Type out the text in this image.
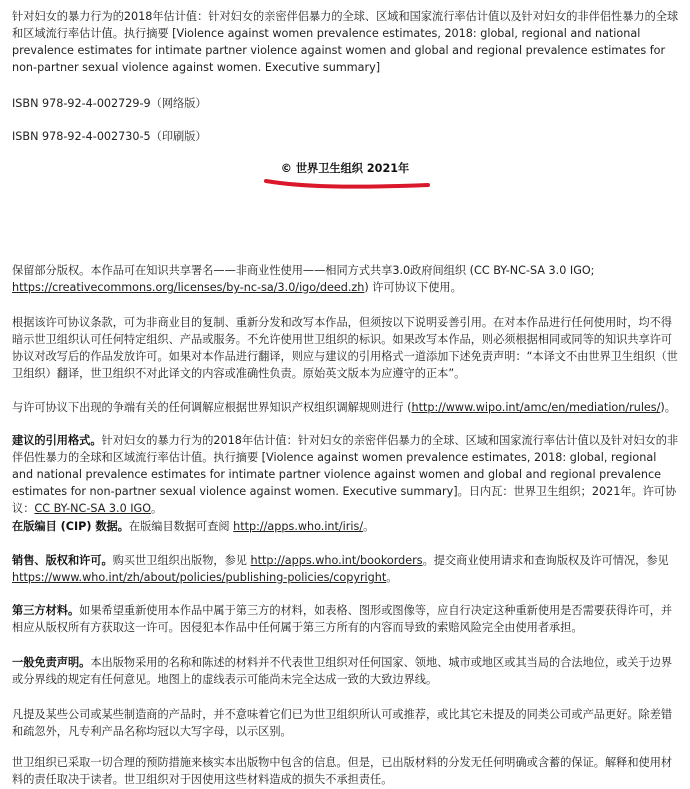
针对妇女的暴力行为的2018年估计值：针对妇女的亲密伴侣暴力的全球、区域和国家流行率估计值以及针对妇女的非伴侣性暴力的全球和区域流行率估计值。执行摘要 [Violence against women prevalence estimates, 2018: global, regional and national prevalence estimates for intimate partner violence against women and global and regional prevalence estimates for non-partner sexual violence against women. Executive summary]

ISBN 978-92-4-002729-9（网络版）

ISBN 978-92-4-002730-5（印刷版）

© 世界卫生组织 2021年

保留部分版权。本作品可在知识共享署名——非商业性使用——相同方式共享3.0政府间组织 (CC BY-NC-SA 3.0 IGO; https://creativecommons.org/licenses/by-nc-sa/3.0/igo/deed.zh) 许可协议下使用。

根据该许可协议条款，可为非商业目的复制、重新分发和改写本作品，但须按以下说明妥善引用。在对本作品进行任何使用时，均不得暗示世卫组织认可任何特定组织、产品或服务。不允许使用世卫组织的标识。如果改写本作品，则必须根据相同或同等的知识共享许可协议对改写后的作品发放许可。如果对本作品进行翻译，则应与建议的引用格式一道添加下述免责声明：“本译文不由世界卫生组织（世卫组织）翻译，世卫组织不对此译文的内容或准确性负责。原始英文版本为应遵守的正本”。

与许可协议下出现的争端有关的任何调解应根据世界知识产权组织调解规则进行 (http://www.wipo.int/amc/en/mediation/rules/)。

建议的引用格式。针对妇女的暴力行为的2018年估计值：针对妇女的亲密伴侣暴力的全球、区域和国家流行率估计值以及针对妇女的非伴侣性暴力的全球和区域流行率估计值。执行摘要 [Violence against women prevalence estimates, 2018: global, regional and national prevalence estimates for intimate partner violence against women and global and regional prevalence estimates for non-partner sexual violence against women. Executive summary]。日内瓦：世界卫生组织；2021年。许可协议：CC BY-NC-SA 3.0 IGO。

在版编目 (CIP) 数据。在版编目数据可查阅 http://apps.who.int/iris/。

销售、版权和许可。购买世卫组织出版物，参见 http://apps.who.int/bookorders。提交商业使用请求和查询版权及许可情况，参见 https://www.who.int/zh/about/policies/publishing-policies/copyright。

第三方材料。如果希望重新使用本作品中属于第三方的材料，如表格、图形或图像等，应自行决定这种重新使用是否需要获得许可，并相应从版权所有方获取这一许可。因侵犯本作品中任何属于第三方所有的内容而导致的索赔风险完全由使用者承担。

一般免责声明。本出版物采用的名称和陈述的材料并不代表世卫组织对任何国家、领地、城市或地区或其当局的合法地位，或关于边界或分界线的规定有任何意见。地图上的虚线表示可能尚未完全达成一致的大致边界线。

凡提及某些公司或某些制造商的产品时，并不意味着它们已为世卫组织所认可或推荐，或比其它未提及的同类公司或产品更好。除差错和疏忽外，凡专利产品名称均冠以大写字母，以示区别。

世卫组织已采取一切合理的预防措施来核实本出版物中包含的信息。但是，已出版材料的分发无任何明确或含蓄的保证。解释和使用材料的责任取决于读者。世卫组织对于因使用这些材料造成的损失不承担责任。
